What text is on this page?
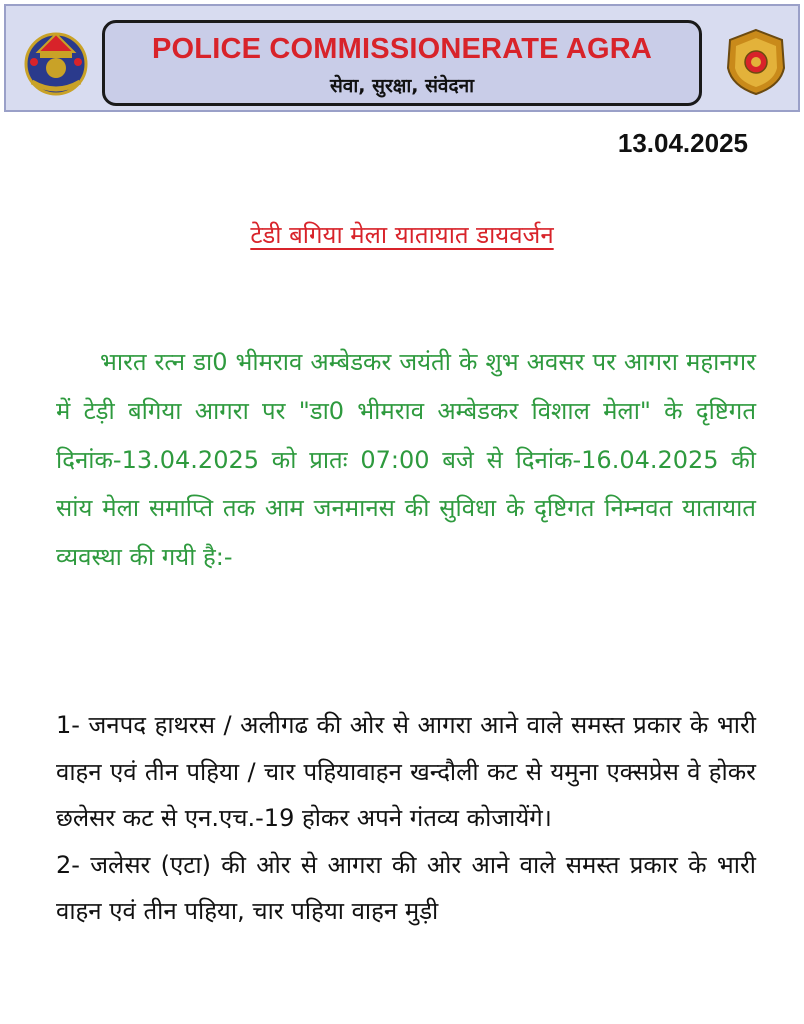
POLICE COMMISSIONERATE AGRA
सेवा, सुरक्षा, संवेदना
13.04.2025
टेडी बगिया मेला यातायात डायवर्जन
भारत रत्न डा0 भीमराव अम्बेडकर जयंती के शुभ अवसर पर आगरा महानगर में टेड़ी बगिया आगरा पर "डा0 भीमराव अम्बेडकर विशाल मेला" के दृष्टिगत दिनांक-13.04.2025 को प्रातः 07:00 बजे से दिनांक-16.04.2025 की सांय मेला समाप्ति तक आम जनमानस की सुविधा के दृष्टिगत निम्नवत यातायात व्यवस्था की गयी है:-

1- जनपद हाथरस / अलीगढ की ओर से आगरा आने वाले समस्त प्रकार के भारी वाहन एवं तीन पहिया / चार पहियावाहन खन्दौली कट से यमुना एक्सप्रेस वे होकर छलेसर कट से एन.एच.-19 होकर अपने गंतव्य कोजायेंगे।

2- जलेसर (एटा) की ओर से आगरा की ओर आने वाले समस्त प्रकार के भारी वाहन एवं तीन पहिया, चार पहिया वाहन मुड़ी
